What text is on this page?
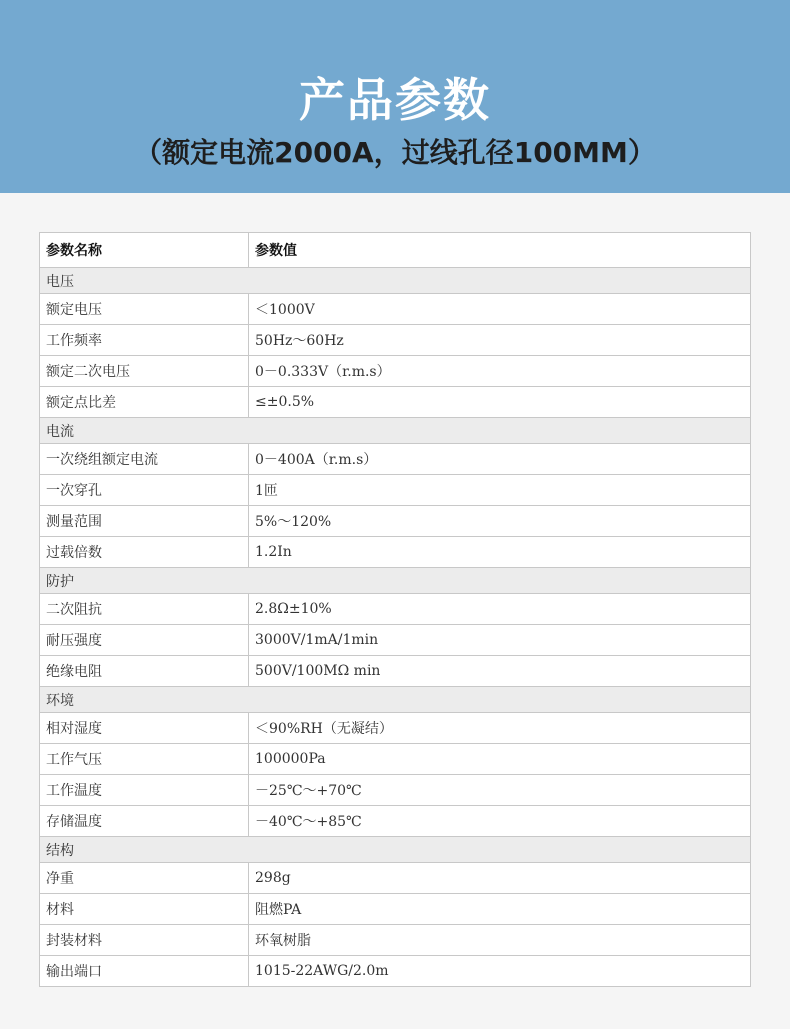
产品参数
（额定电流2000A，过线孔径100MM）
参数名称	参数值
电压	
额定电压	＜1000V
工作频率	50Hz～60Hz
额定二次电压	0－0.333V（r.m.s）
额定点比差	≤±0.5%
电流	
一次绕组额定电流	0－400A（r.m.s）
一次穿孔	1匝
测量范围	5%～120%
过载倍数	1.2In
防护	
二次阻抗	2.8Ω±10%
耐压强度	3000V/1mA/1min
绝缘电阻	500V/100MΩ min
环境	
相对湿度	＜90%RH（无凝结）
工作气压	100000Pa
工作温度	－25℃～+70℃
存储温度	－40℃～+85℃
结构	
净重	298g
材料	阻燃PA
封装材料	环氧树脂
输出端口	1015-22AWG/2.0m
